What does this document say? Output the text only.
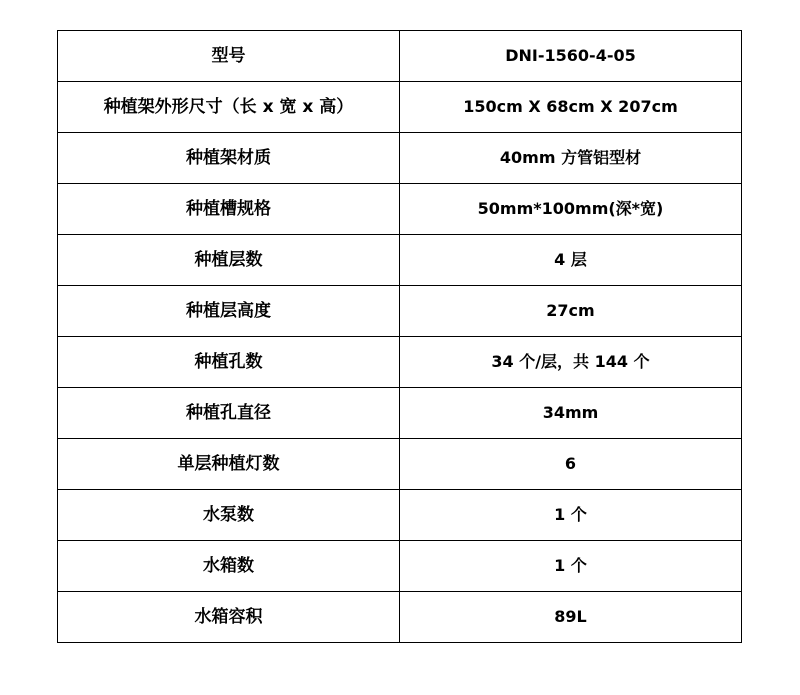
型号	DNI-1560-4-05
种植架外形尺寸（长 x 宽 x 高）	150cm X 68cm X 207cm
种植架材质	40mm 方管铝型材
种植槽规格	50mm*100mm(深*宽)
种植层数	4 层
种植层高度	27cm
种植孔数	34 个/层，共 144 个
种植孔直径	34mm
单层种植灯数	6
水泵数	1 个
水箱数	1 个
水箱容积	89L
